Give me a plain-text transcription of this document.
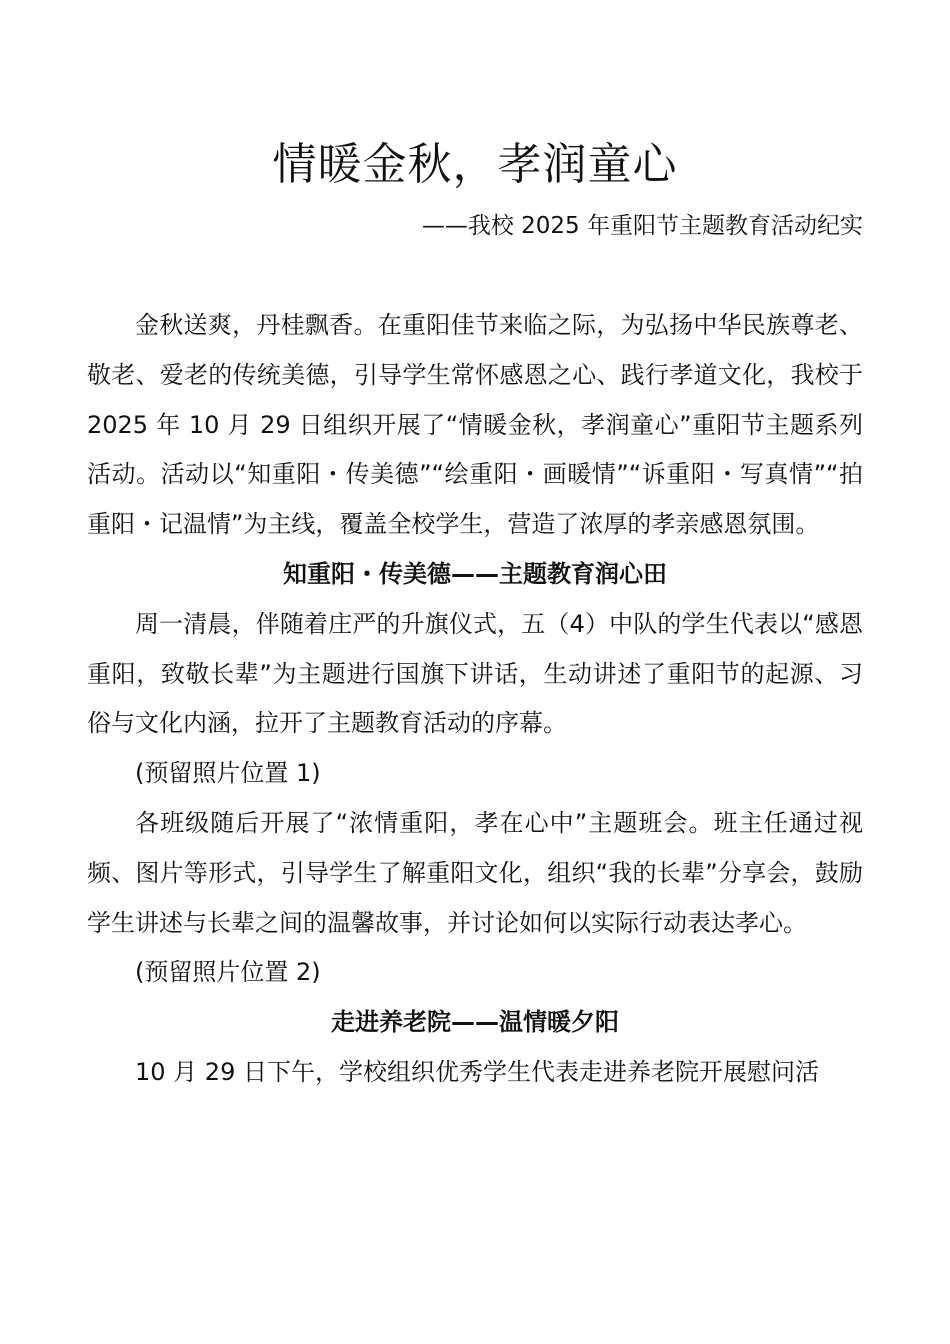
情暖金秋，孝润童心
——我校 2025 年重阳节主题教育活动纪实

金秋送爽，丹桂飘香。在重阳佳节来临之际，为弘扬中华民族尊老、敬老、爱老的传统美德，引导学生常怀感恩之心、践行孝道文化，我校于 2025 年 10 月 29 日组织开展了“情暖金秋，孝润童心”重阳节主题系列活动。活动以“知重阳・传美德”“绘重阳・画暖情”“诉重阳・写真情”“拍重阳・记温情”为主线，覆盖全校学生，营造了浓厚的孝亲感恩氛围。

知重阳・传美德——主题教育润心田

周一清晨，伴随着庄严的升旗仪式，五（4）中队的学生代表以“感恩重阳，致敬长辈”为主题进行国旗下讲话，生动讲述了重阳节的起源、习俗与文化内涵，拉开了主题教育活动的序幕。

(预留照片位置 1)

各班级随后开展了“浓情重阳，孝在心中”主题班会。班主任通过视频、图片等形式，引导学生了解重阳文化，组织“我的长辈”分享会，鼓励学生讲述与长辈之间的温馨故事，并讨论如何以实际行动表达孝心。

(预留照片位置 2)

走进养老院——温情暖夕阳

10 月 29 日下午，学校组织优秀学生代表走进养老院开展慰问活
